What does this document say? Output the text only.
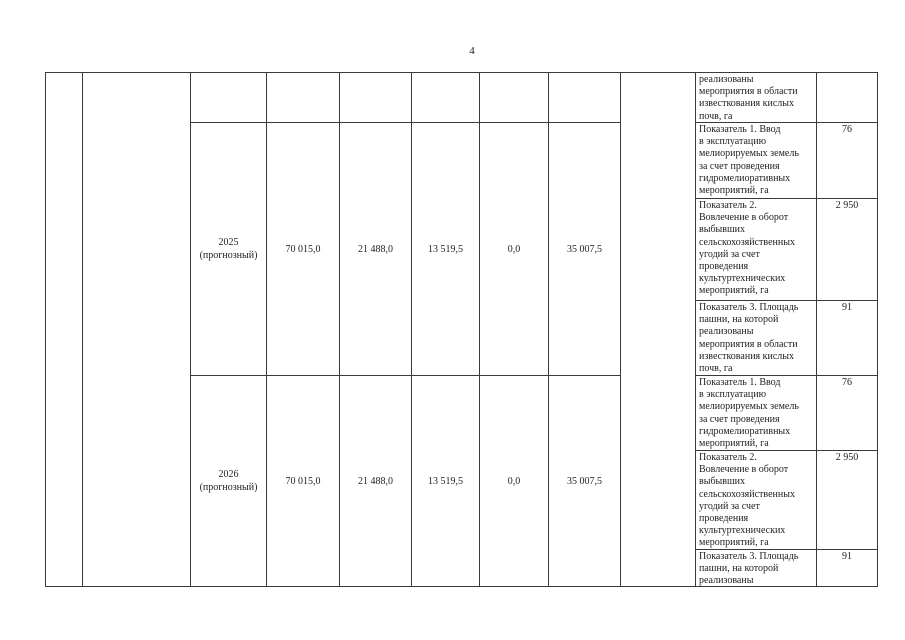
4
реализованы
мероприятия в области
известкования кислых
почв, га
2025
(прогнозный)
70 015,0	21 488,0	13 519,5	0,0	35 007,5
Показатель 1. Ввод
в эксплуатацию
мелиорируемых земель
за счет проведения
гидромелиоративных
мероприятий, га
76
Показатель 2.
Вовлечение в оборот
выбывших
сельскохозяйственных
угодий за счет
проведения
культуртехнических
мероприятий, га
2 950
Показатель 3. Площадь
пашни, на которой
реализованы
мероприятия в области
известкования кислых
почв, га
91
2026
(прогнозный)
70 015,0	21 488,0	13 519,5	0,0	35 007,5
Показатель 1. Ввод
в эксплуатацию
мелиорируемых земель
за счет проведения
гидромелиоративных
мероприятий, га
76
Показатель 2.
Вовлечение в оборот
выбывших
сельскохозяйственных
угодий за счет
проведения
культуртехнических
мероприятий, га
2 950
Показатель 3. Площадь
пашни, на которой
реализованы
91
